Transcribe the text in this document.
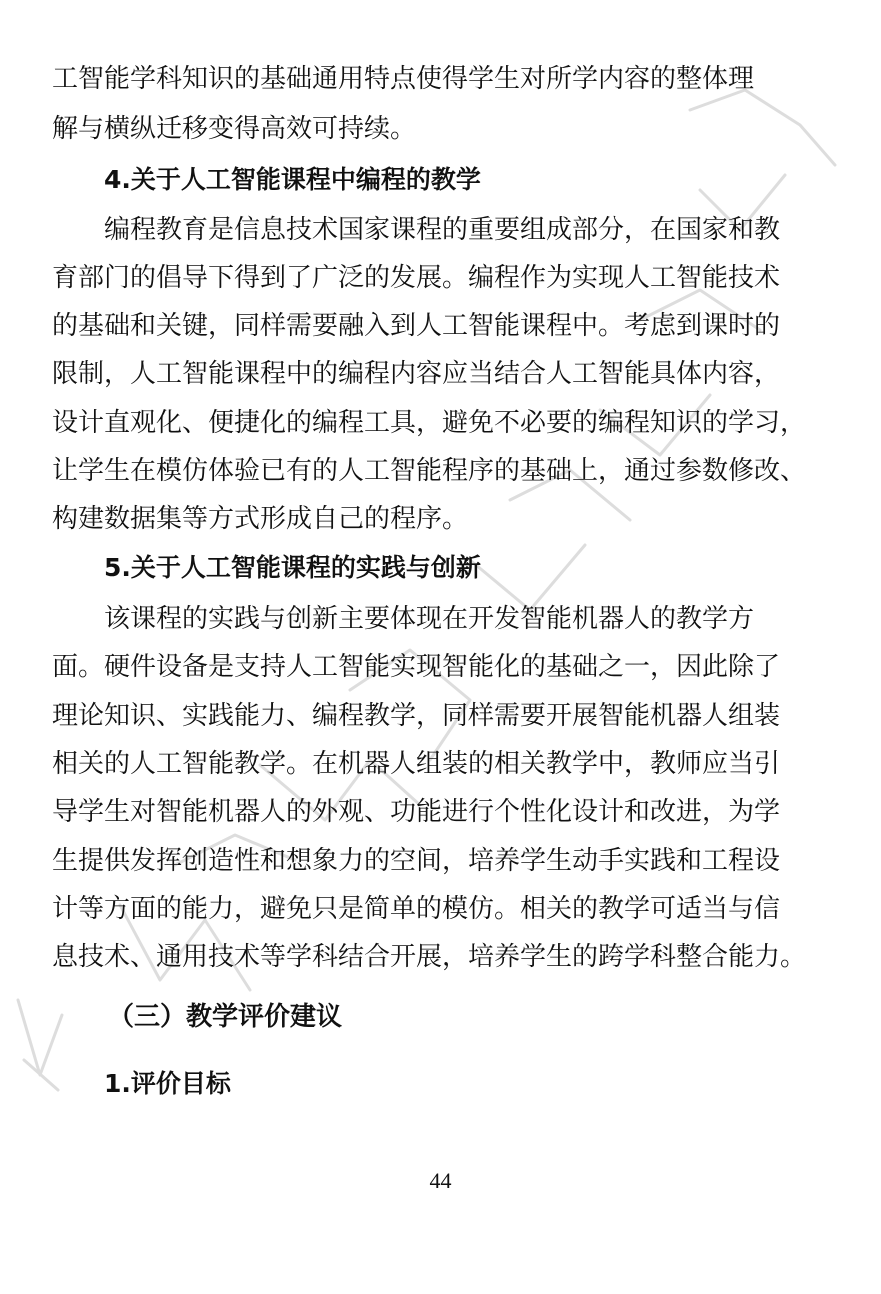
工智能学科知识的基础通用特点使得学生对所学内容的整体理
解与横纵迁移变得高效可持续。
4.关于人工智能课程中编程的教学
编程教育是信息技术国家课程的重要组成部分，在国家和教
育部门的倡导下得到了广泛的发展。编程作为实现人工智能技术
的基础和关键，同样需要融入到人工智能课程中。考虑到课时的
限制，人工智能课程中的编程内容应当结合人工智能具体内容，
设计直观化、便捷化的编程工具，避免不必要的编程知识的学习，
让学生在模仿体验已有的人工智能程序的基础上，通过参数修改、
构建数据集等方式形成自己的程序。
5.关于人工智能课程的实践与创新
该课程的实践与创新主要体现在开发智能机器人的教学方
面。硬件设备是支持人工智能实现智能化的基础之一，因此除了
理论知识、实践能力、编程教学，同样需要开展智能机器人组装
相关的人工智能教学。在机器人组装的相关教学中，教师应当引
导学生对智能机器人的外观、功能进行个性化设计和改进，为学
生提供发挥创造性和想象力的空间，培养学生动手实践和工程设
计等方面的能力，避免只是简单的模仿。相关的教学可适当与信
息技术、通用技术等学科结合开展，培养学生的跨学科整合能力。
（三）教学评价建议
1.评价目标
44
